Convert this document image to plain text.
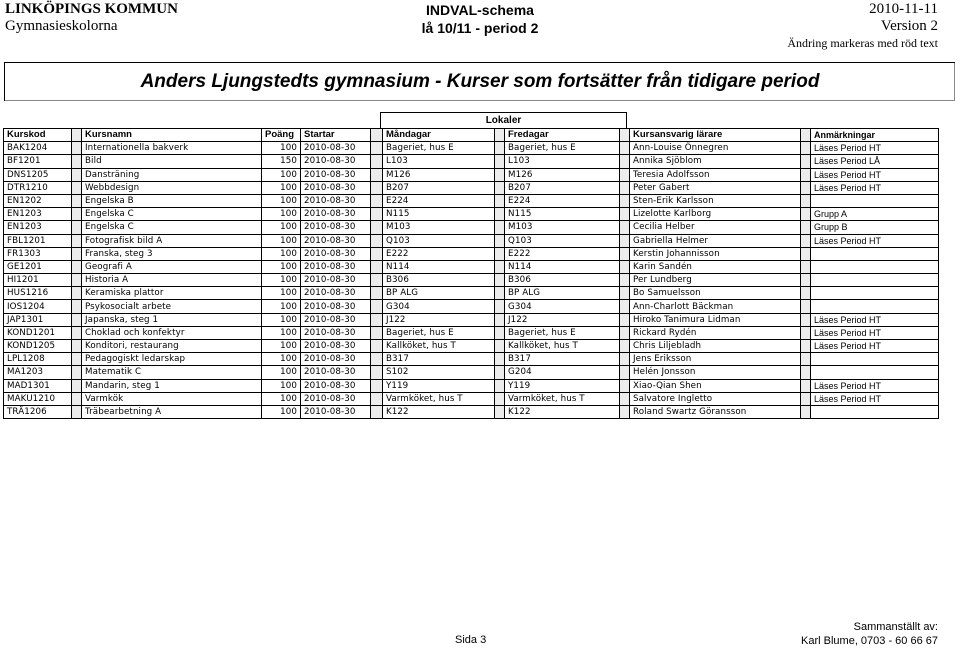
LINKÖPINGS KOMMUN
Gymnasieskolorna
INDVAL-schema
lå 10/11 - period 2
2010-11-11
Version 2
Ändring markeras med röd text
Anders Ljungstedts gymnasium - Kurser som fortsätter från tidigare period
Lokaler
Kurskod		Kursnamn	Poäng	Startar		Måndagar		Fredagar		Kursansvarig lärare		Anmärkningar
BAK1204		Internationella bakverk	100	2010-08-30		Bageriet, hus E		Bageriet, hus E		Ann-Louise Önnegren		Läses Period HT
BF1201		Bild	150	2010-08-30		L103		L103		Annika Sjöblom		Läses Period LÅ
DNS1205		Dansträning	100	2010-08-30		M126		M126		Teresia Adolfsson		Läses Period HT
DTR1210		Webbdesign	100	2010-08-30		B207		B207		Peter Gabert		Läses Period HT
EN1202		Engelska B	100	2010-08-30		E224		E224		Sten-Erik Karlsson		
EN1203		Engelska C	100	2010-08-30		N115		N115		Lizelotte Karlborg		Grupp A
EN1203		Engelska C	100	2010-08-30		M103		M103		Cecilia Helber		Grupp B
FBL1201		Fotografisk bild A	100	2010-08-30		Q103		Q103		Gabriella Helmer		Läses Period HT
FR1303		Franska, steg 3	100	2010-08-30		E222		E222		Kerstin Johannisson		
GE1201		Geografi A	100	2010-08-30		N114		N114		Karin Sandén		
HI1201		Historia A	100	2010-08-30		B306		B306		Per Lundberg		
HUS1216		Keramiska plattor	100	2010-08-30		BP ALG		BP ALG		Bo Samuelsson		
IOS1204		Psykosocialt arbete	100	2010-08-30		G304		G304		Ann-Charlott Bäckman		
JAP1301		Japanska, steg 1	100	2010-08-30		J122		J122		Hiroko Tanimura Lidman		Läses Period HT
KOND1201		Choklad och konfektyr	100	2010-08-30		Bageriet, hus E		Bageriet, hus E		Rickard Rydén		Läses Period HT
KOND1205		Konditori, restaurang	100	2010-08-30		Kallköket, hus T		Kallköket, hus T		Chris Liljebladh		Läses Period HT
LPL1208		Pedagogiskt ledarskap	100	2010-08-30		B317		B317		Jens Eriksson		
MA1203		Matematik C	100	2010-08-30		S102		G204		Helén Jonsson		
MAD1301		Mandarin, steg 1	100	2010-08-30		Y119		Y119		Xiao-Qian Shen		Läses Period HT
MAKU1210		Varmkök	100	2010-08-30		Varmköket, hus T		Varmköket, hus T		Salvatore Ingletto		Läses Period HT
TRÄ1206		Träbearbetning A	100	2010-08-30		K122		K122		Roland Swartz Göransson		
Sida 3
Sammanställt av:
Karl Blume, 0703 - 60 66 67
